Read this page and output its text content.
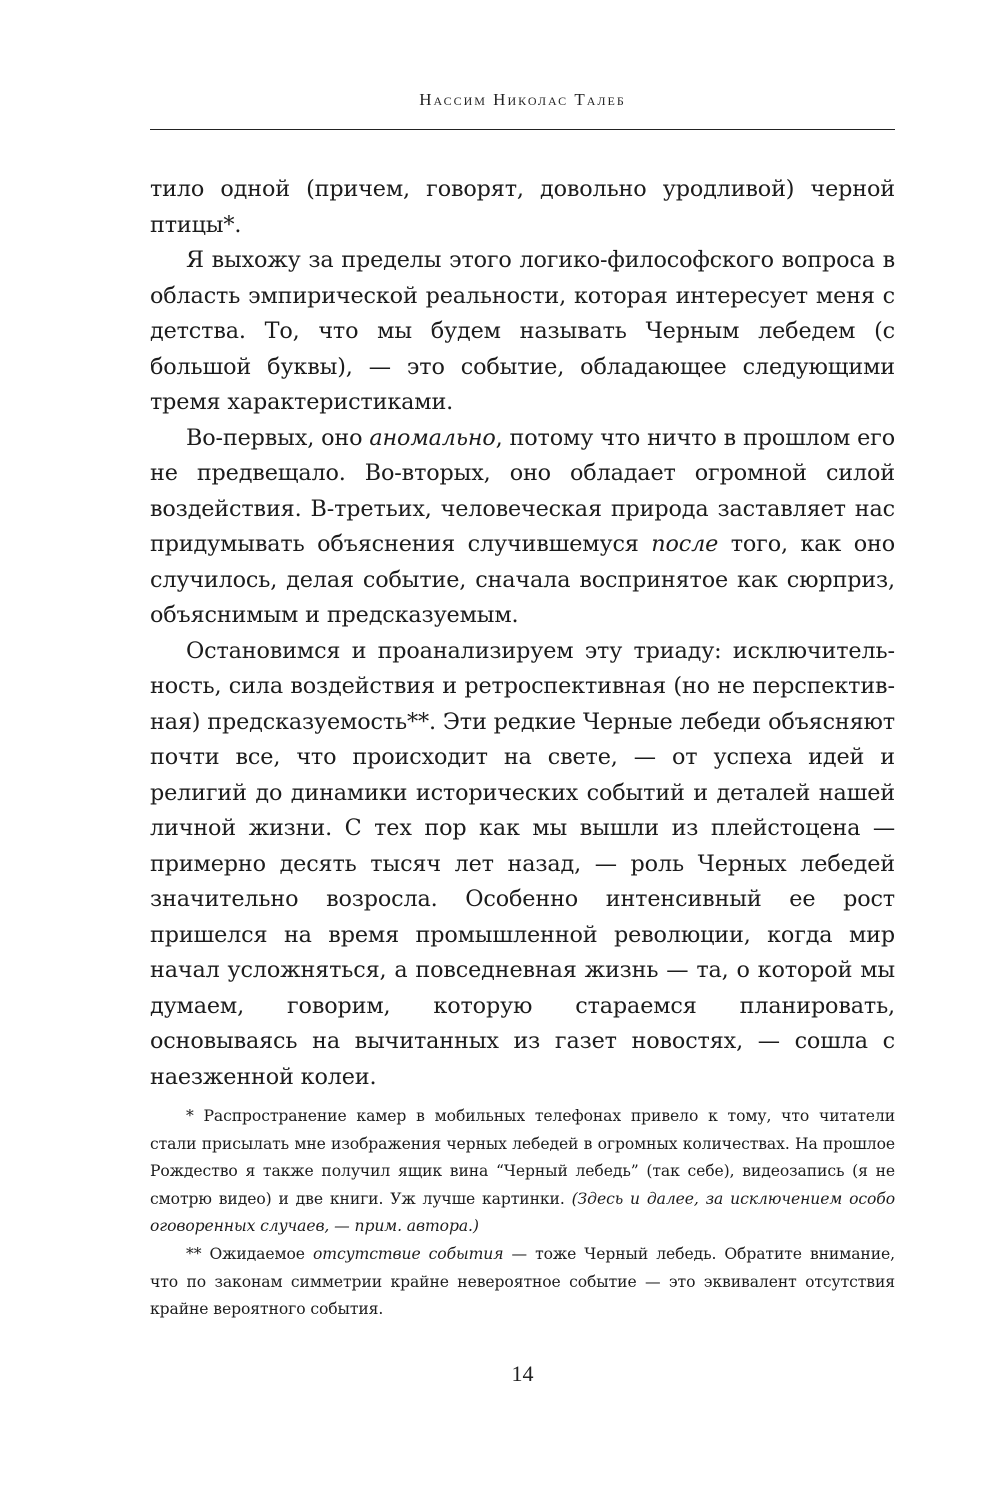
Нассим Николас Талеб

тило одной (причем, говорят, довольно уродливой) черной птицы*.

Я выхожу за пределы этого логико-философского вопроса в область эмпирической реальности, которая интересует меня с детства. То, что мы будем называть Черным лебедем (с большой буквы), — это событие, обладающее следующими тремя характеристиками.

Во-первых, оно аномально, потому что ничто в прошлом его не предвещало. Во-вторых, оно обладает огромной силой воздействия. В-третьих, человеческая природа заставляет нас придумывать объяснения случившемуся после того, как оно случилось, делая событие, сначала воспринятое как сюрприз, объяснимым и предсказуемым.

Остановимся и проанализируем эту триаду: исключительность, сила воздействия и ретроспективная (но не перспективная) предсказуемость**. Эти редкие Черные лебеди объясняют почти все, что происходит на свете, — от успеха идей и религий до динамики исторических событий и деталей нашей личной жизни. С тех пор как мы вышли из плейстоцена — примерно десять тысяч лет назад, — роль Черных лебедей значительно возросла. Особенно интенсивный ее рост пришелся на время промышленной революции, когда мир начал усложняться, а повседневная жизнь — та, о которой мы думаем, говорим, которую стараемся планировать, основываясь на вычитанных из газет новостях, — сошла с наезженной колеи.

* Распространение камер в мобильных телефонах привело к тому, что читатели стали присылать мне изображения черных лебедей в огромных количествах. На прошлое Рождество я также получил ящик вина “Черный лебедь” (так себе), видеозапись (я не смотрю видео) и две книги. Уж лучше картинки. (Здесь и далее, за исключением особо оговоренных случаев, — прим. автора.)

** Ожидаемое отсутствие события — тоже Черный лебедь. Обратите внимание, что по законам симметрии крайне невероятное событие — это эквивалент отсутствия крайне вероятного события.

14
